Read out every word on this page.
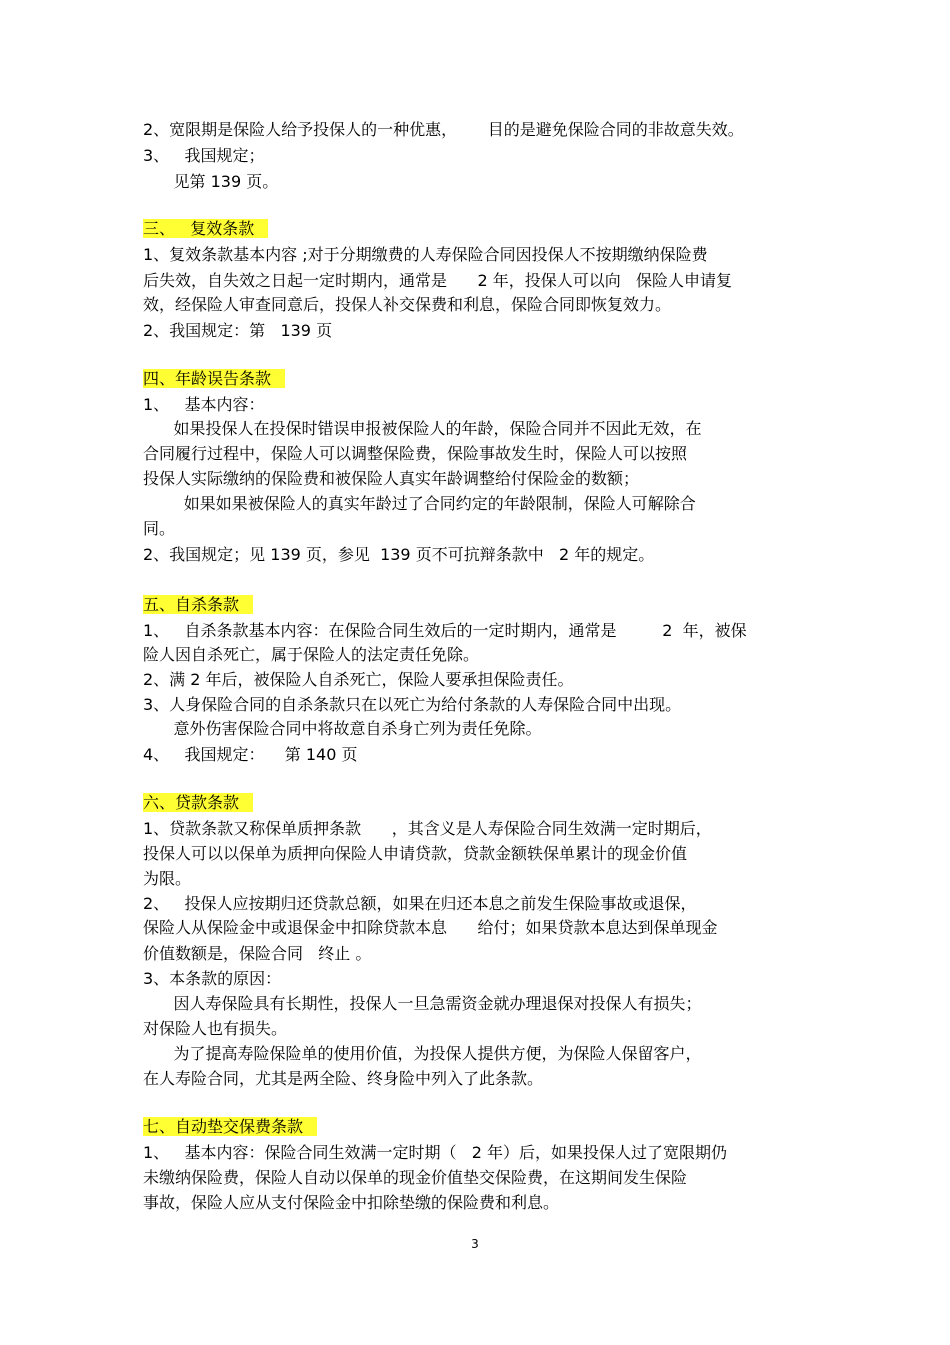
2、宽限期是保险人给予投保人的一种优惠，      目的是避免保险合同的非故意失效。
3、   我国规定；
见第 139 页。
三、   复效条款
1、复效条款基本内容 ;对于分期缴费的人寿保险合同因投保人不按期缴纳保险费
后失效，自失效之日起一定时期内，通常是      2 年，投保人可以向   保险人申请复
效，经保险人审查同意后，投保人补交保费和利息，保险合同即恢复效力。
2、我国规定：第   139 页
四、年龄误告条款
1、   基本内容：
如果投保人在投保时错误申报被保险人的年龄，保险合同并不因此无效，在
合同履行过程中，保险人可以调整保险费，保险事故发生时，保险人可以按照
投保人实际缴纳的保险费和被保险人真实年龄调整给付保险金的数额；
如果如果被保险人的真实年龄过了合同约定的年龄限制，保险人可解除合
同。
2、我国规定；见 139 页，参见  139 页不可抗辩条款中   2 年的规定。
五、自杀条款
1、   自杀条款基本内容：在保险合同生效后的一定时期内，通常是         2  年，被保
险人因自杀死亡，属于保险人的法定责任免除。
2、满 2 年后，被保险人自杀死亡，保险人要承担保险责任。
3、人身保险合同的自杀条款只在以死亡为给付条款的人寿保险合同中出现。
意外伤害保险合同中将故意自杀身亡列为责任免除。
4、   我国规定：    第 140 页
六、贷款条款
1、贷款条款又称保单质押条款      ，其含义是人寿保险合同生效满一定时期后，
投保人可以以保单为质押向保险人申请贷款，贷款金额轶保单累计的现金价值
为限。
2、   投保人应按期归还贷款总额，如果在归还本息之前发生保险事故或退保，
保险人从保险金中或退保金中扣除贷款本息      给付；如果贷款本息达到保单现金
价值数额是，保险合同   终止 。
3、本条款的原因：
因人寿保险具有长期性，投保人一旦急需资金就办理退保对投保人有损失；
对保险人也有损失。
为了提高寿险保险单的使用价值，为投保人提供方便，为保险人保留客户，
在人寿险合同，尤其是两全险、终身险中列入了此条款。
七、自动垫交保费条款
1、   基本内容：保险合同生效满一定时期（   2 年）后，如果投保人过了宽限期仍
未缴纳保险费，保险人自动以保单的现金价值垫交保险费，在这期间发生保险
事故，保险人应从支付保险金中扣除垫缴的保险费和利息。
3
